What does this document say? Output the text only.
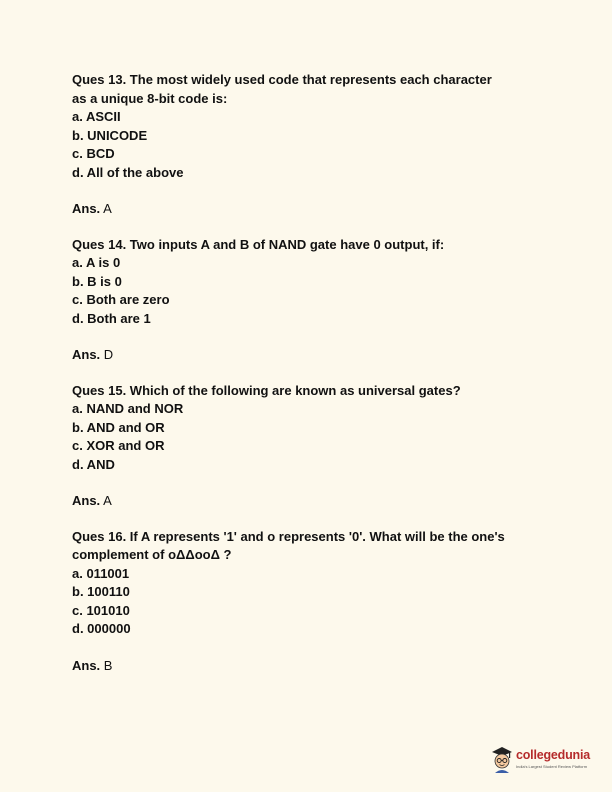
Ques 13. The most widely used code that represents each character

as a unique 8-bit code is:

a. ASCII

b. UNICODE

c. BCD

d. All of the above

Ans. A

Ques 14. Two inputs A and B of NAND gate have 0 output, if:

a. A is 0

b. B is 0

c. Both are zero

d. Both are 1

Ans. D

Ques 15. Which of the following are known as universal gates?

a. NAND and NOR

b. AND and OR

c. XOR and OR

d. AND

Ans. A

Ques 16. If A represents '1' and o represents '0'. What will be the one's

complement of oΔΔooΔ ?

a. 011001

b. 100110

c. 101010

d. 000000

Ans. B

collegedunia
India's Largest Student Review Platform
